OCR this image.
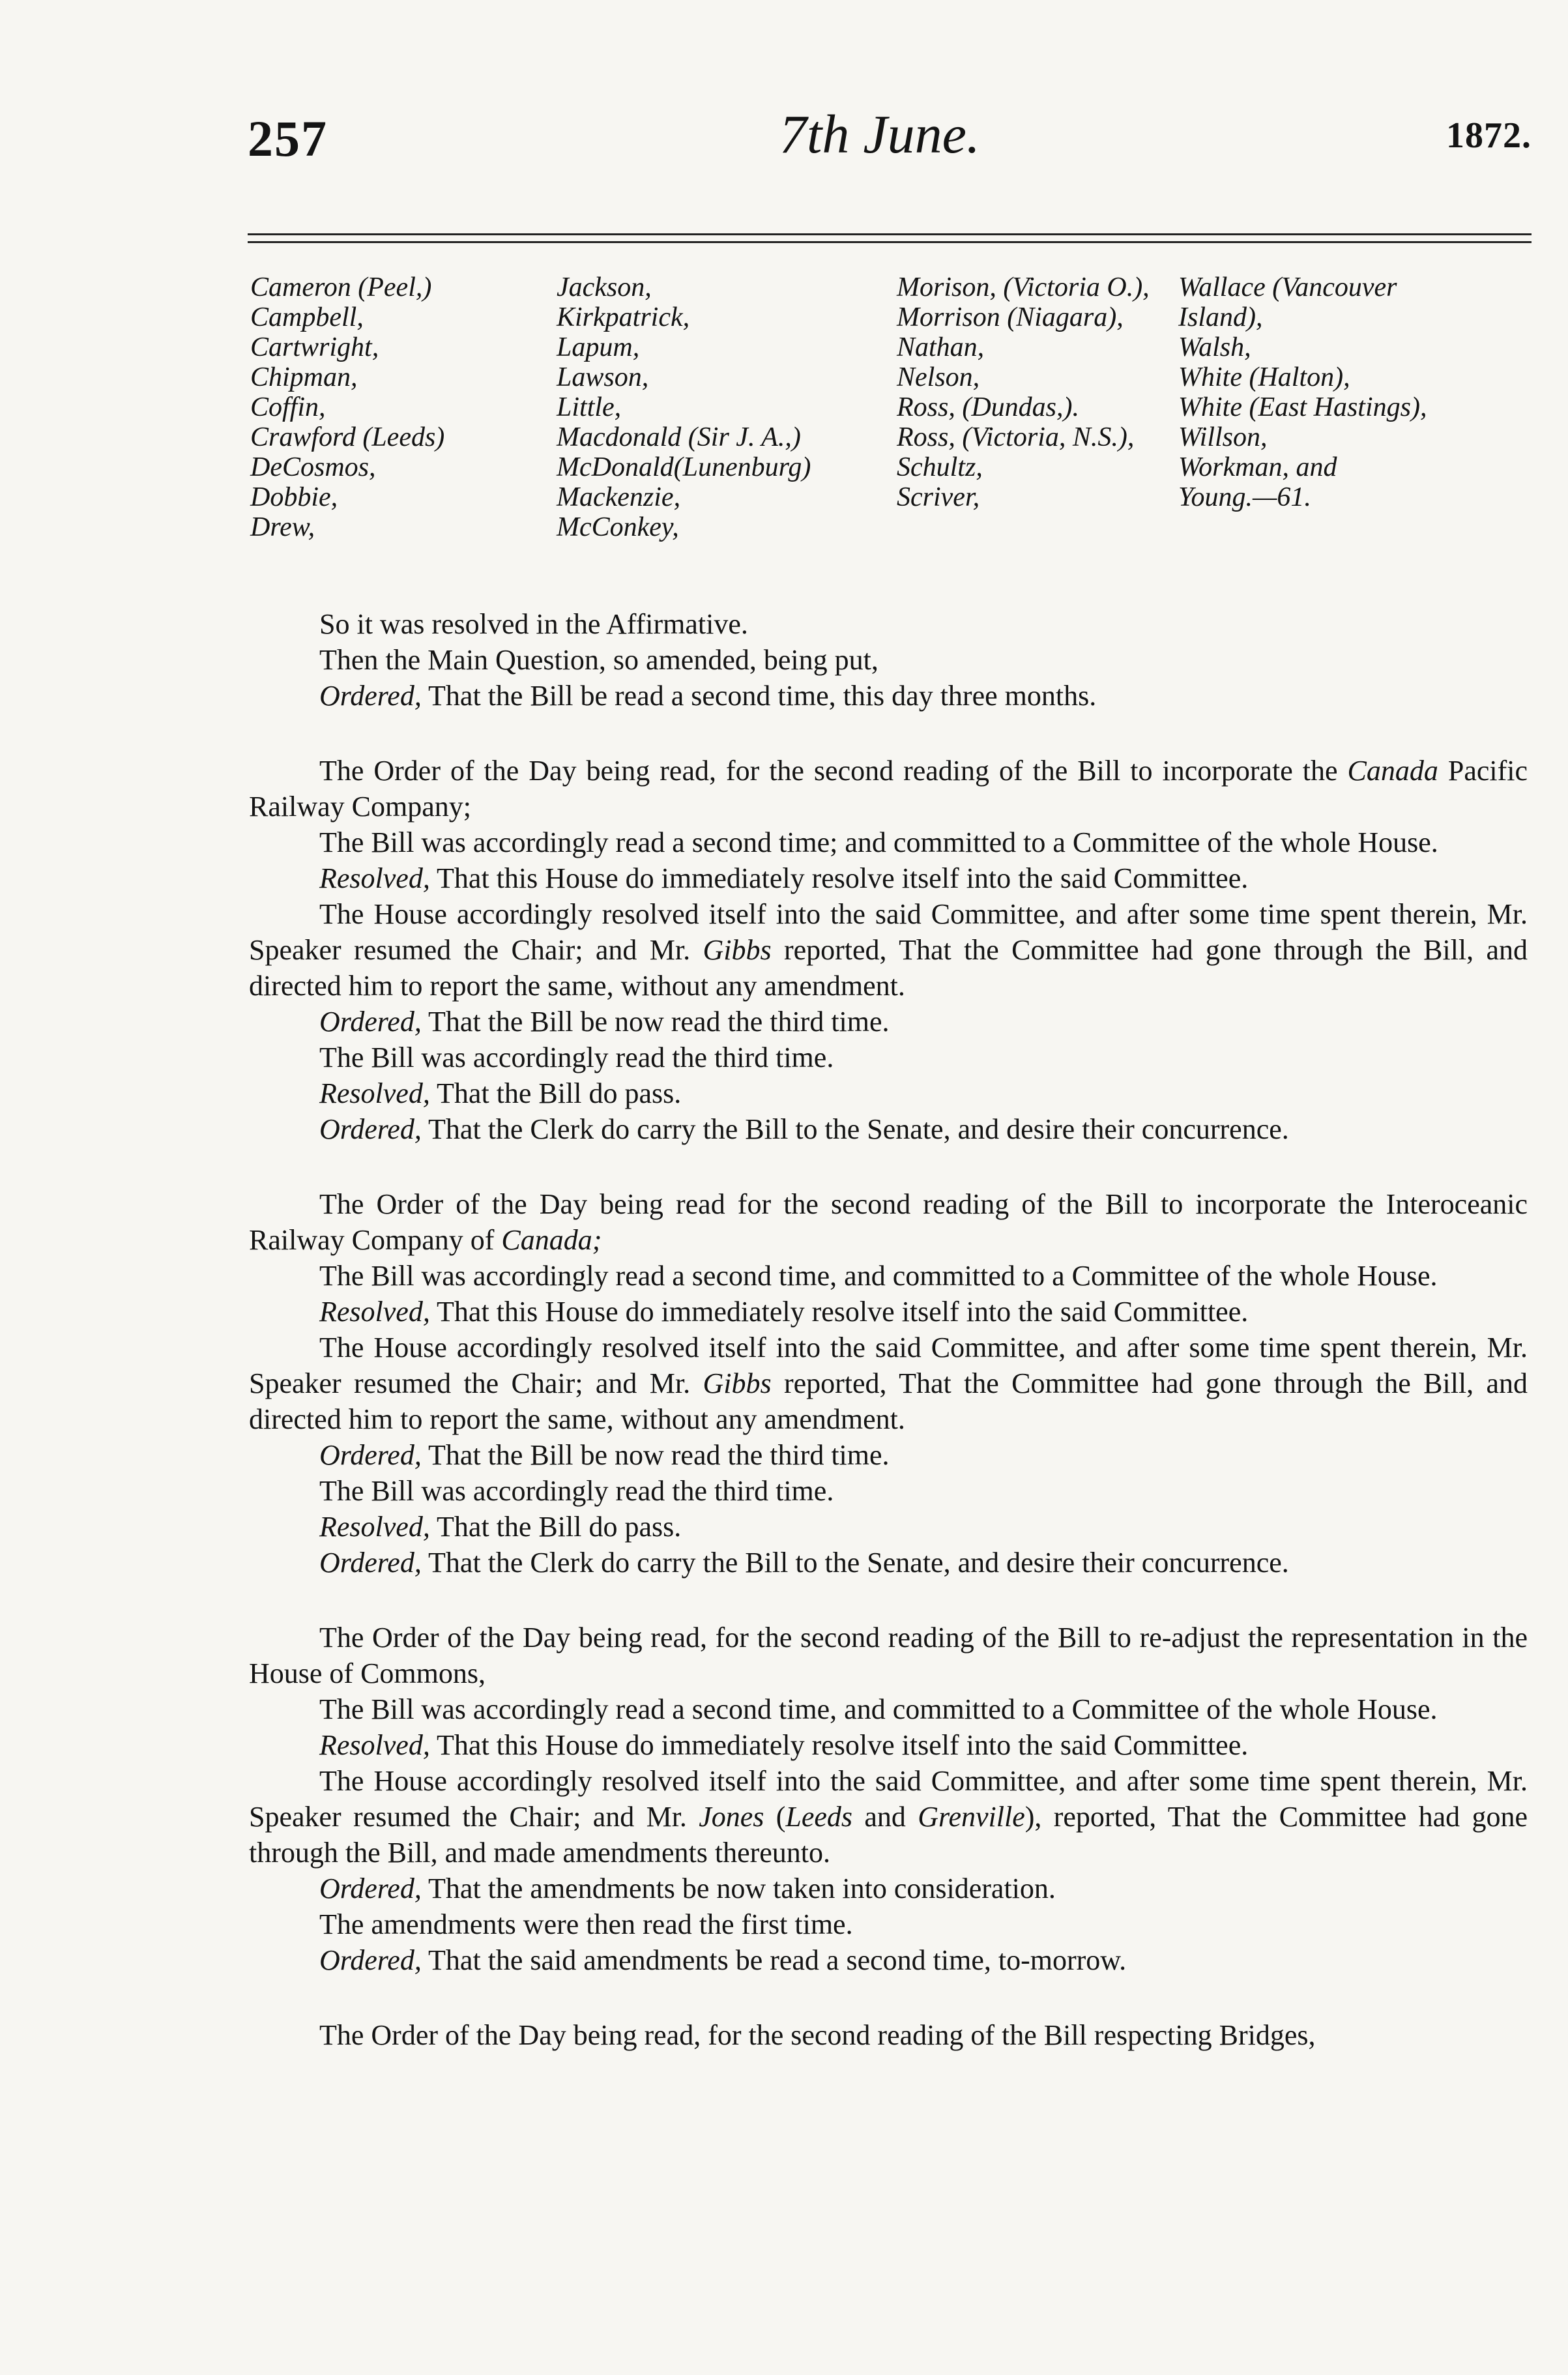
257	7th June.	1872.
Cameron (Peel,)
Campbell,
Cartwright,
Chipman,
Coffin,
Crawford (Leeds)
DeCosmos,
Dobbie,
Drew,
Jackson,
Kirkpatrick,
Lapum,
Lawson,
Little,
Macdonald (Sir J. A.,)
McDonald(Lunenburg)
Mackenzie,
McConkey,
Morison, (Victoria O.),
Morrison (Niagara),
Nathan,
Nelson,
Ross, (Dundas,).
Ross, (Victoria, N.S.),
Schultz,
Scriver,
Wallace (Vancouver
Island),
Walsh,
White (Halton),
White (East Hastings),
Willson,
Workman, and
Young.—61.

So it was resolved in the Affirmative.

Then the Main Question, so amended, being put,

Ordered, That the Bill be read a second time, this day three months.

The Order of the Day being read, for the second reading of the Bill to incorporate the Canada Pacific Railway Company;

The Bill was accordingly read a second time; and committed to a Committee of the whole House.

Resolved, That this House do immediately resolve itself into the said Committee.

The House accordingly resolved itself into the said Committee, and after some time spent therein, Mr. Speaker resumed the Chair; and Mr. Gibbs reported, That the Committee had gone through the Bill, and directed him to report the same, without any amendment.

Ordered, That the Bill be now read the third time.

The Bill was accordingly read the third time.

Resolved, That the Bill do pass.

Ordered, That the Clerk do carry the Bill to the Senate, and desire their concurrence.

The Order of the Day being read for the second reading of the Bill to incorporate the Interoceanic Railway Company of Canada;

The Bill was accordingly read a second time, and committed to a Committee of the whole House.

Resolved, That this House do immediately resolve itself into the said Committee.

The House accordingly resolved itself into the said Committee, and after some time spent therein, Mr. Speaker resumed the Chair; and Mr. Gibbs reported, That the Committee had gone through the Bill, and directed him to report the same, without any amendment.

Ordered, That the Bill be now read the third time.

The Bill was accordingly read the third time.

Resolved, That the Bill do pass.

Ordered, That the Clerk do carry the Bill to the Senate, and desire their concurrence.

The Order of the Day being read, for the second reading of the Bill to re-adjust the representation in the House of Commons,

The Bill was accordingly read a second time, and committed to a Committee of the whole House.

Resolved, That this House do immediately resolve itself into the said Committee.

The House accordingly resolved itself into the said Committee, and after some time spent therein, Mr. Speaker resumed the Chair; and Mr. Jones (Leeds and Grenville), reported, That the Committee had gone through the Bill, and made amendments thereunto.

Ordered, That the amendments be now taken into consideration.

The amendments were then read the first time.

Ordered, That the said amendments be read a second time, to-morrow.

The Order of the Day being read, for the second reading of the Bill respecting Bridges,
